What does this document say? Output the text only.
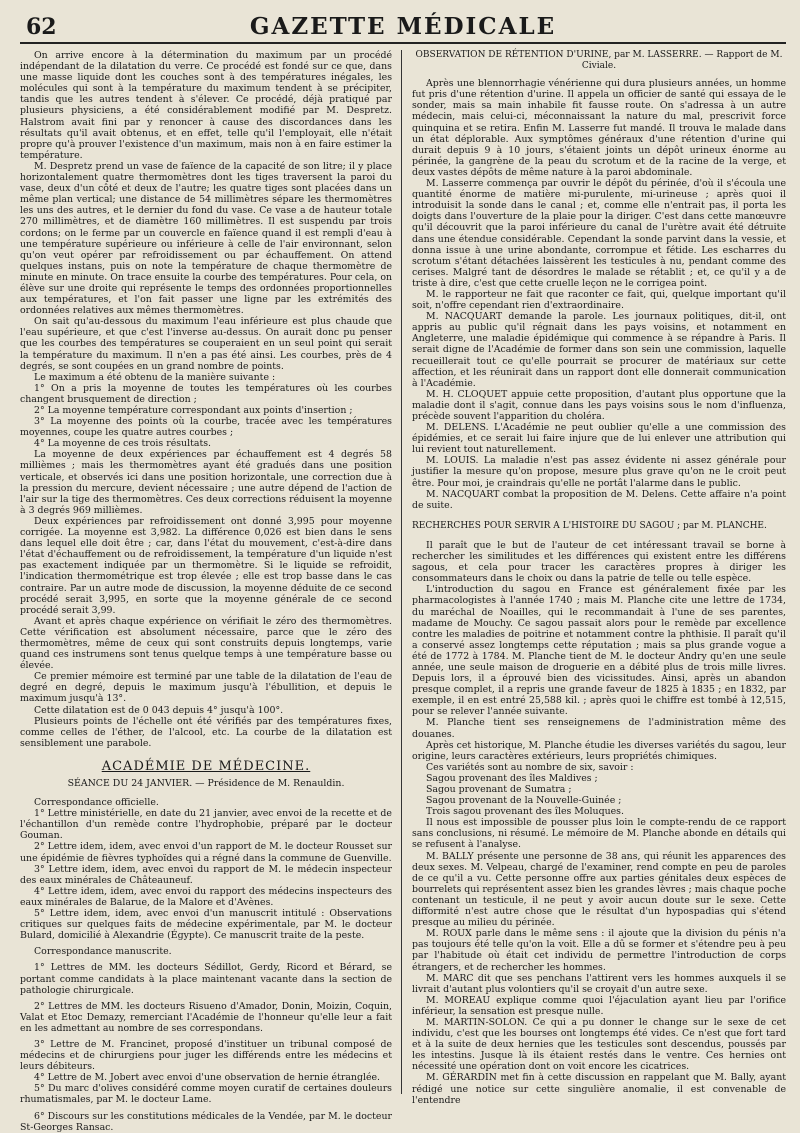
62	GAZETTE MÉDICALE

On arrive encore à la détermination du maximum par un procédé indépendant de la dilatation du verre. Ce procédé est fondé sur ce que, dans une masse liquide dont les couches sont à des températures inégales, les molécules qui sont à la température du maximum tendent à se précipiter, tandis que les autres tendent à s'élever. Ce procédé, déjà pratiqué par plusieurs physiciens, a été considérablement modifié par M. Despretz. Halstrom avait fini par y renoncer à cause des discordances dans les résultats qu'il avait obtenus, et en effet, telle qu'il l'employait, elle n'était propre qu'à prouver l'existence d'un maximum, mais non à en faire estimer la température.

M. Despretz prend un vase de faïence de la capacité de son litre; il y place horizontalement quatre thermomètres dont les tiges traversent la paroi du vase, deux d'un côté et deux de l'autre; les quatre tiges sont placées dans un même plan vertical; une distance de 54 millimètres sépare les thermomètres les uns des autres, et le dernier du fond du vase. Ce vase a de hauteur totale 270 millimètres, et de diamètre 160 millimètres. Il est suspendu par trois cordons; on le ferme par un couvercle en faïence quand il est rempli d'eau à une température supérieure ou inférieure à celle de l'air environnant, selon qu'on veut opérer par refroidissement ou par échauffement. On attend quelques instans, puis on note la température de chaque thermomètre de minute en minute. On trace ensuite la courbe des températures. Pour cela, on élève sur une droite qui représente le temps des ordonnées proportionnelles aux températures, et l'on fait passer une ligne par les extrémités des ordonnées relatives aux mêmes thermomètres.

On sait qu'au-dessous du maximum l'eau inférieure est plus chaude que l'eau supérieure, et que c'est l'inverse au-dessus. On aurait donc pu penser que les courbes des températures se couperaient en un seul point qui serait la température du maximum. Il n'en a pas été ainsi. Les courbes, près de 4 degrés, se sont coupées en un grand nombre de points.

Le maximum a été obtenu de la manière suivante :

1° On a pris la moyenne de toutes les températures où les courbes changent brusquement de direction ;

2° La moyenne température correspondant aux points d'insertion ;

3° La moyenne des points où la courbe, tracée avec les températures moyennes, coupe les quatre autres courbes ;

4° La moyenne de ces trois résultats.

La moyenne de deux expériences par échauffement est 4 degrés 58 millièmes ; mais les thermomètres ayant été gradués dans une position verticale, et observés ici dans une position horizontale, une correction due à la pression du mercure, devient nécessaire ; une autre dépend de l'action de l'air sur la tige des thermomètres. Ces deux corrections réduisent la moyenne à 3 degrés 969 millièmes.

Deux expériences par refroidissement ont donné 3,995 pour moyenne corrigée. La moyenne est 3,982. La différence 0,026 est bien dans le sens dans lequel elle doit être ; car, dans l'état du mouvement, c'est-à-dire dans l'état d'échauffement ou de refroidissement, la température d'un liquide n'est pas exactement indiquée par un thermomètre. Si le liquide se refroidit, l'indication thermométrique est trop élevée ; elle est trop basse dans le cas contraire. Par un autre mode de discussion, la moyenne déduite de ce second procédé serait 3,995, en sorte que la moyenne générale de ce second procédé serait 3,99.

Avant et après chaque expérience on vérifiait le zéro des thermomètres. Cette vérification est absolument nécessaire, parce que le zéro des thermomètres, même de ceux qui sont construits depuis longtemps, varie quand ces instrumens sont tenus quelque temps à une température basse ou élevée.

Ce premier mémoire est terminé par une table de la dilatation de l'eau de degré en degré, depuis le maximum jusqu'à l'ébullition, et depuis le maximum jusqu'à 13°.

Cette dilatation est de 0 043 depuis 4° jusqu'à 100°.

Plusieurs points de l'échelle ont été vérifiés par des températures fixes, comme celles de l'éther, de l'alcool, etc. La courbe de la dilatation est sensiblement une parabole.

ACADÉMIE DE MÉDECINE.

SÉANCE DU 24 JANVIER. — Présidence de M. Renauldin.

Correspondance officielle.

1° Lettre ministérielle, en date du 21 janvier, avec envoi de la recette et de l'échantillon d'un remède contre l'hydrophobie, préparé par le docteur Gouman.

2° Lettre idem, idem, avec envoi d'un rapport de M. le docteur Rousset sur une épidémie de fièvres typhoïdes qui a régné dans la commune de Guenville.

3° Lettre idem, idem, avec envoi du rapport de M. le médecin inspecteur des eaux minérales de Châteauneuf.

4° Lettre idem, idem, avec envoi du rapport des médecins inspecteurs des eaux minérales de Balarue, de la Malore et d'Avènes.

5° Lettre idem, idem, avec envoi d'un manuscrit intitulé : Observations critiques sur quelques faits de médecine expérimentale, par M. le docteur Bulard, domicilié à Alexandrie (Égypte). Ce manuscrit traite de la peste.

Correspondance manuscrite.

1° Lettres de MM. les docteurs Sédillot, Gerdy, Ricord et Bérard, se portant comme candidats à la place maintenant vacante dans la section de pathologie chirurgicale.

2° Lettres de MM. les docteurs Risueno d'Amador, Donin, Moizin, Coquin, Valat et Etoc Demazy, remerciant l'Académie de l'honneur qu'elle leur a fait en les admettant au nombre de ses correspondans.

3° Lettre de M. Francinet, proposé d'instituer un tribunal composé de médecins et de chirurgiens pour juger les différends entre les médecins et leurs débiteurs.

4° Lettre de M. Jobert avec envoi d'une observation de hernie étranglée.

5° Du marc d'olives considéré comme moyen curatif de certaines douleurs rhumatismales, par M. le docteur Lame.

6° Discours sur les constitutions médicales de la Vendée, par M. le docteur St-Georges Ransac.

OBSERVATION DE RÉTENTION D'URINE, par M. LASSERRE. — Rapport de M. Civiale.

Après une blennorrhagie vénérienne qui dura plusieurs années, un homme fut pris d'une rétention d'urine. Il appela un officier de santé qui essaya de le sonder, mais sa main inhabile fit fausse route. On s'adressa à un autre médecin, mais celui-ci, méconnaissant la nature du mal, prescrivit force quinquina et se retira. Enfin M. Lasserre fut mandé. Il trouva le malade dans un état déplorable. Aux symptômes généraux d'une rétention d'urine qui durait depuis 9 à 10 jours, s'étaient joints un dépôt urineux énorme au périnée, la gangrène de la peau du scrotum et de la racine de la verge, et deux vastes dépôts de même nature à la paroi abdominale.

M. Lasserre commença par ouvrir le dépôt du périnée, d'où il s'écoula une quantité énorme de matière mi-purulente, mi-urineuse ; après quoi il introduisit la sonde dans le canal ; et, comme elle n'entrait pas, il porta les doigts dans l'ouverture de la plaie pour la diriger. C'est dans cette manœuvre qu'il découvrit que la paroi inférieure du canal de l'urètre avait été détruite dans une étendue considérable. Cependant la sonde parvint dans la vessie, et donna issue à une urine abondante, corrompue et fétide. Les escharres du scrotum s'étant détachées laissèrent les testicules à nu, pendant comme des cerises. Malgré tant de désordres le malade se rétablit ; et, ce qu'il y a de triste à dire, c'est que cette cruelle leçon ne le corrigea point.

M. le rapporteur ne fait que raconter ce fait, qui, quelque important qu'il soit, n'offre cependant rien d'extraordinaire.

M. NACQUART demande la parole. Les journaux politiques, dit-il, ont appris au public qu'il régnait dans les pays voisins, et notamment en Angleterre, une maladie épidémique qui commence à se répandre à Paris. Il serait digne de l'Académie de former dans son sein une commission, laquelle recueillerait tout ce qu'elle pourrait se procurer de matériaux sur cette affection, et les réunirait dans un rapport dont elle donnerait communication à l'Académie.

M. H. CLOQUET appuie cette proposition, d'autant plus opportune que la maladie dont il s'agit, connue dans les pays voisins sous le nom d'influenza, précède souvent l'apparition du choléra.

M. DELENS. L'Académie ne peut oublier qu'elle a une commission des épidémies, et ce serait lui faire injure que de lui enlever une attribution qui lui revient tout naturellement.

M. LOUIS. La maladie n'est pas assez évidente ni assez générale pour justifier la mesure qu'on propose, mesure plus grave qu'on ne le croit peut être. Pour moi, je craindrais qu'elle ne portât l'alarme dans le public.

M. NACQUART combat la proposition de M. Delens. Cette affaire n'a point de suite.

RECHERCHES POUR SERVIR A L'HISTOIRE DU SAGOU ; par M. PLANCHE.

Il paraît que le but de l'auteur de cet intéressant travail se borne à rechercher les similitudes et les différences qui existent entre les différens sagous, et cela pour tracer les caractères propres à diriger les consommateurs dans le choix ou dans la patrie de telle ou telle espèce.

L'introduction du sagou en France est généralement fixée par les pharmacologistes à l'année 1740 ; mais M. Planche cite une lettre de 1734, du maréchal de Noailles, qui le recommandait à l'une de ses parentes, madame de Mouchy. Ce sagou passait alors pour le remède par excellence contre les maladies de poitrine et notamment contre la phthisie. Il paraît qu'il a conservé assez longtemps cette réputation ; mais sa plus grande vogue a été de 1772 à 1784. M. Planche tient de M. le docteur Andry qu'en une seule année, une seule maison de droguerie en a débité plus de trois mille livres. Depuis lors, il a éprouvé bien des vicissitudes. Ainsi, après un abandon presque complet, il a repris une grande faveur de 1825 à 1835 ; en 1832, par exemple, il en est entré 25,588 kil. ; après quoi le chiffre est tombé à 12,515, pour se relever l'année suivante.

M. Planche tient ses renseignemens de l'administration même des douanes.

Après cet historique, M. Planche étudie les diverses variétés du sagou, leur origine, leurs caractères extérieurs, leurs propriétés chimiques.

Ces variétés sont au nombre de six, savoir :

Sagou provenant des îles Maldives ;

Sagou provenant de Sumatra ;

Sagou provenant de la Nouvelle-Guinée ;

Trois sagou provenant des îles Moluques.

Il nous est impossible de pousser plus loin le compte-rendu de ce rapport sans conclusions, ni résumé. Le mémoire de M. Planche abonde en détails qui se refusent à l'analyse.

M. BALLY présente une personne de 38 ans, qui réunit les apparences des deux sexes. M. Velpeau, chargé de l'examiner, rend compte en peu de paroles de ce qu'il a vu. Cette personne offre aux parties génitales deux espèces de bourrelets qui représentent assez bien les grandes lèvres ; mais chaque poche contenant un testicule, il ne peut y avoir aucun doute sur le sexe. Cette difformité n'est autre chose que le résultat d'un hypospadias qui s'étend presque au milieu du périnée.

M. ROUX parle dans le même sens : il ajoute que la division du pénis n'a pas toujours été telle qu'on la voit. Elle a dû se former et s'étendre peu à peu par l'habitude où était cet individu de permettre l'introduction de corps étrangers, et de rechercher les hommes.

M. MARC dit que ses penchans l'attirent vers les hommes auxquels il se livrait d'autant plus volontiers qu'il se croyait d'un autre sexe.

M. MOREAU explique comme quoi l'éjaculation ayant lieu par l'orifice inférieur, la sensation est presque nulle.

M. MARTIN-SOLON. Ce qui a pu donner le change sur le sexe de cet individu, c'est que les bourses ont longtemps été vides. Ce n'est que fort tard et à la suite de deux hernies que les testicules sont descendus, poussés par les intestins. Jusque là ils étaient restés dans le ventre. Ces hernies ont nécessité une opération dont on voit encore les cicatrices.

M. GÉRARDIN met fin à cette discussion en rappelant que M. Bally, ayant rédigé une notice sur cette singulière anomalie, il est convenable de l'entendre
